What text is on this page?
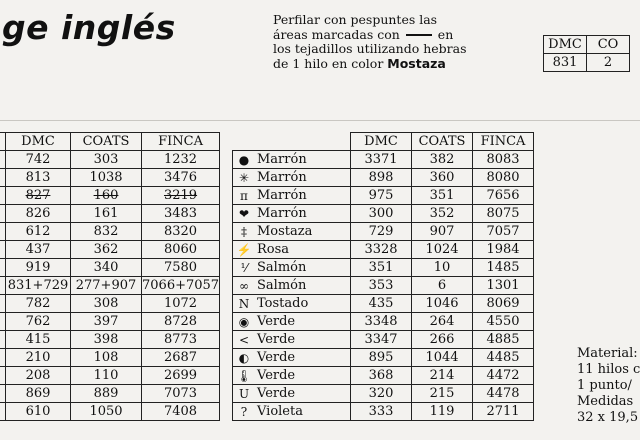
ge inglés	Perfilar con pespuntes las
áreas marcadas con	en
los tejadillos utilizando hebras
de 1 hilo en color Mostaza
DMC	CO
831	2
	DMC	COATS	FINCA
	742	303	1232
	813	1038	3476
	827	160	3219
	826	161	3483
	612	832	8320
	437	362	8060
	919	340	7580
	831+729	277+907	7066+7057
	782	308	1072
	762	397	8728
	415	398	8773
	210	108	2687
	208	110	2699
	869	889	7073
	610	1050	7408
		DMC	COATS	FINCA
●	Marrón	3371	382	8083
✳	Marrón	898	360	8080
π	Marrón	975	351	7656
❤	Marrón	300	352	8075
‡	Mostaza	729	907	7057
⚡	Rosa	3328	1024	1984
⅟	Salmón	351	10	1485
∞	Salmón	353	6	1301
N	Tostado	435	1046	8069
◉	Verde	3348	264	4550
<	Verde	3347	266	4885
◐	Verde	895	1044	4485
🌡	Verde	368	214	4472
U	Verde	320	215	4478
?	Violeta	333	119	2711
Material:
11 hilos c
1 punto/
Medidas
32 x 19,5
